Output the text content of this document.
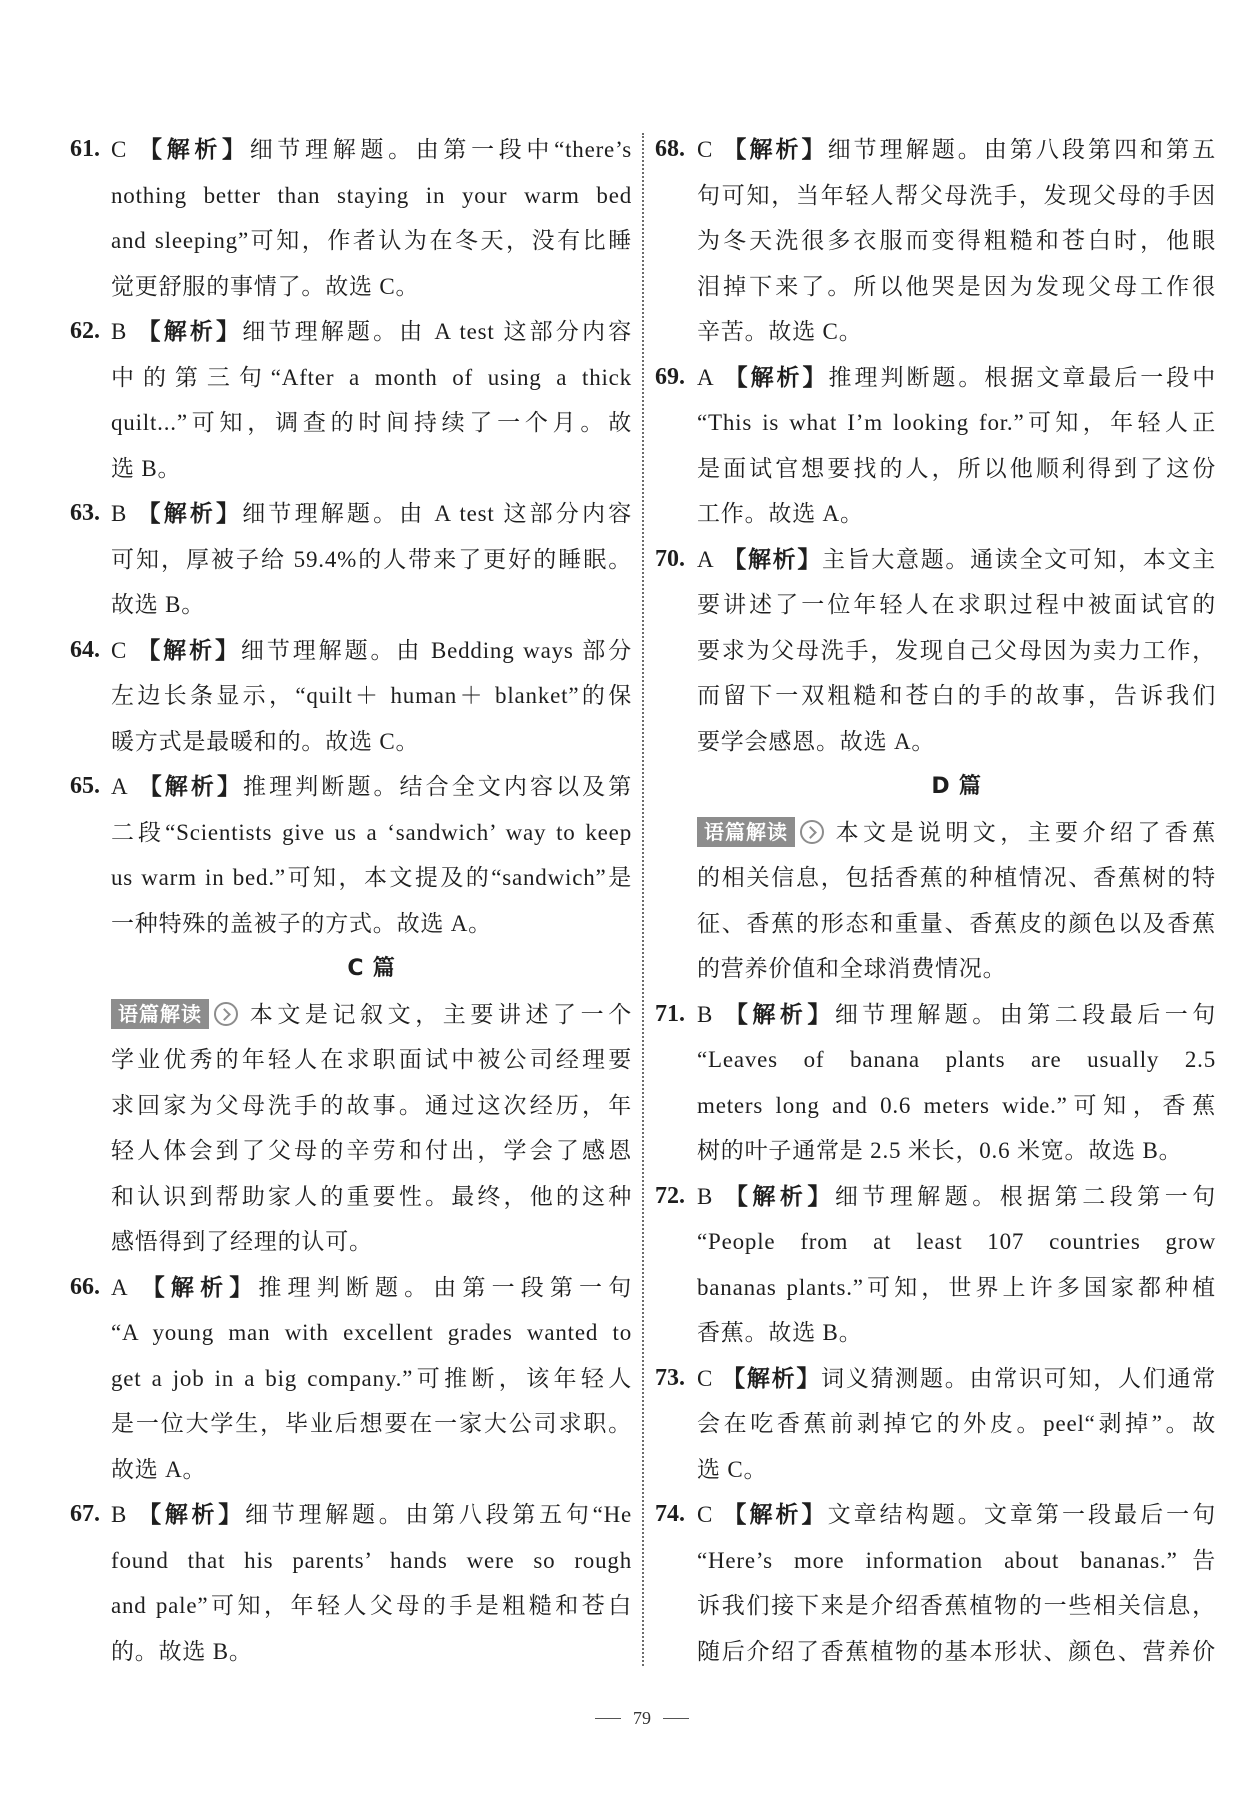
61. C 【解析】细节理解题。由第一段中“there’s
nothing better than staying in your warm bed
and sleeping”可知，作者认为在冬天，没有比睡
觉更舒服的事情了。故选 C。
62. B 【解析】细节理解题。由 A test 这部分内容
中的第三句“After a month of using a thick
quilt...”可知，调查的时间持续了一个月。故
选 B。
63. B 【解析】细节理解题。由 A test 这部分内容
可知，厚被子给 59.4%的人带来了更好的睡眠。
故选 B。
64. C 【解析】细节理解题。由 Bedding ways 部分
左边长条显示，“quilt＋ human＋ blanket”的保
暖方式是最暖和的。故选 C。
65. A 【解析】推理判断题。结合全文内容以及第
二段“Scientists give us a ‘sandwich’ way to keep
us warm in bed.”可知，本文提及的“sandwich”是
一种特殊的盖被子的方式。故选 A。
C 篇
语篇解读 本文是记叙文，主要讲述了一个
学业优秀的年轻人在求职面试中被公司经理要
求回家为父母洗手的故事。通过这次经历，年
轻人体会到了父母的辛劳和付出，学会了感恩
和认识到帮助家人的重要性。最终，他的这种
感悟得到了经理的认可。
66. A 【解析】推理判断题。由第一段第一句
“A young man with excellent grades wanted to
get a job in a big company.”可推断，该年轻人
是一位大学生，毕业后想要在一家大公司求职。
故选 A。
67. B 【解析】细节理解题。由第八段第五句“He
found that his parents’ hands were so rough
and pale”可知，年轻人父母的手是粗糙和苍白
的。故选 B。
68. C 【解析】细节理解题。由第八段第四和第五
句可知，当年轻人帮父母洗手，发现父母的手因
为冬天洗很多衣服而变得粗糙和苍白时，他眼
泪掉下来了。所以他哭是因为发现父母工作很
辛苦。故选 C。
69. A 【解析】推理判断题。根据文章最后一段中
“This is what I’m looking for.”可知，年轻人正
是面试官想要找的人，所以他顺利得到了这份
工作。故选 A。
70. A 【解析】主旨大意题。通读全文可知，本文主
要讲述了一位年轻人在求职过程中被面试官的
要求为父母洗手，发现自己父母因为卖力工作，
而留下一双粗糙和苍白的手的故事，告诉我们
要学会感恩。故选 A。
D 篇
语篇解读 本文是说明文，主要介绍了香蕉
的相关信息，包括香蕉的种植情况、香蕉树的特
征、香蕉的形态和重量、香蕉皮的颜色以及香蕉
的营养价值和全球消费情况。
71. B 【解析】细节理解题。由第二段最后一句
“Leaves of banana plants are usually 2.5
meters long and 0.6 meters wide.”可知，香蕉
树的叶子通常是 2.5 米长，0.6 米宽。故选 B。
72. B 【解析】细节理解题。根据第二段第一句
“People from at least 107 countries grow
bananas plants.”可知，世界上许多国家都种植
香蕉。故选 B。
73. C 【解析】词义猜测题。由常识可知，人们通常
会在吃香蕉前剥掉它的外皮。peel“剥掉”。故
选 C。
74. C 【解析】文章结构题。文章第一段最后一句
“Here’s more information about bananas.”告
诉我们接下来是介绍香蕉植物的一些相关信息，
随后介绍了香蕉植物的基本形状、颜色、营养价
79
